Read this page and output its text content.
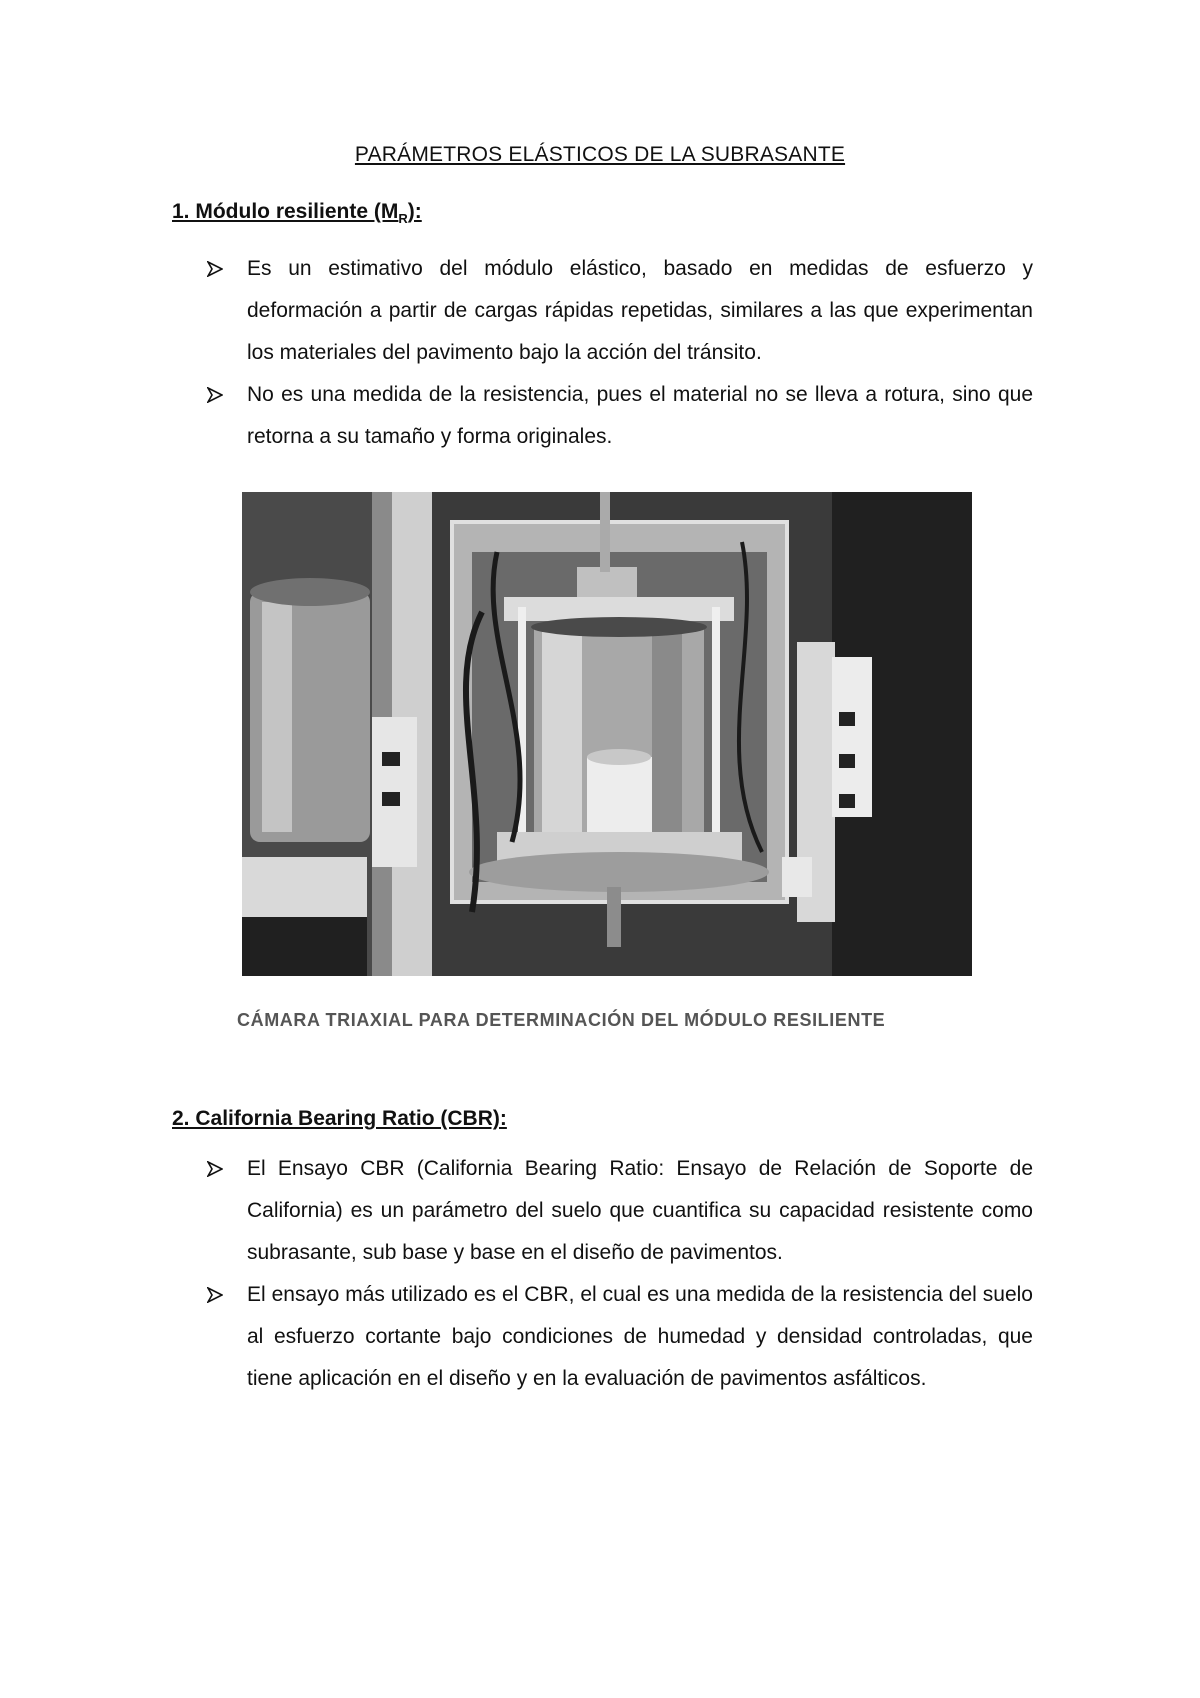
PARÁMETROS ELÁSTICOS DE LA SUBRASANTE
1. Módulo resiliente $(M_R)$:
Es un estimativo del módulo elástico, basado en medidas de esfuerzo y deformación a partir de cargas rápidas repetidas, similares a las que experimentan los materiales del pavimento bajo la acción del tránsito.
No es una medida de la resistencia, pues el material no se lleva a rotura, sino que retorna a su tamaño y forma originales.
CÁMARA TRIAXIAL PARA DETERMINACIÓN DEL MÓDULO RESILIENTE
2. California Bearing Ratio (CBR):
El Ensayo CBR (California Bearing Ratio: Ensayo de Relación de Soporte de California) es un parámetro del suelo que cuantifica su capacidad resistente como subrasante, sub base y base en el diseño de pavimentos.
El ensayo más utilizado es el CBR, el cual es una medida de la resistencia del suelo al esfuerzo cortante bajo condiciones de humedad y densidad controladas, que tiene aplicación en el diseño y en la evaluación de pavimentos asfálticos.
